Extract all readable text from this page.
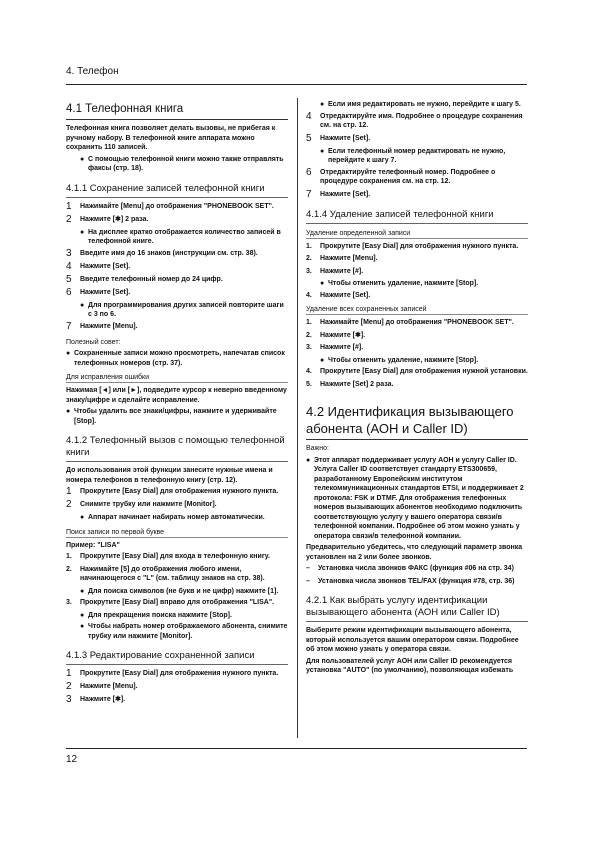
4. Телефон
4.1 Телефонная книга
Телефонная книга позволяет делать вызовы, не прибегая к ручному набору. В телефонной книге аппарата можно сохранить 110 записей.
● С помощью телефонной книги можно также отправлять факсы (стр. 18).
4.1.1 Сохранение записей телефонной книги
1	Нажимайте [Menu] до отображения "PHONEBOOK SET".
2	Нажмите [✱] 2 раза.
● На дисплее кратко отображается количество записей в телефонной книге.
3	Введите имя до 16 знаков (инструкции см. стр. 38).
4	Нажмите [Set].
5	Введите телефонный номер до 24 цифр.
6	Нажмите [Set].
● Для программирования других записей повторите шаги с 3 по 6.
7	Нажмите [Menu].
Полезный совет:
● Сохраненные записи можно просмотреть, напечатав список телефонных номеров (стр. 37).
Для исправления ошибки
Нажимая [◄] или [►], подведите курсор к неверно введенному знаку/цифре и сделайте исправление.
● Чтобы удалить все знаки/цифры, нажмите и удерживайте [Stop].
4.1.2 Телефонный вызов с помощью телефонной книги
До использования этой функции занесите нужные имена и номера телефонов в телефонную книгу (стр. 12).
1	Прокрутите [Easy Dial] для отображения нужного пункта.
2	Снимите трубку или нажмите [Monitor].
● Аппарат начинает набирать номер автоматически.
Поиск записи по первой букве
Пример: "LISA"
1.	Прокрутите [Easy Dial] для входа в телефонную книгу.
2.	Нажимайте [5] до отображения любого имени, начинающегося с "L" (см. таблицу знаков на стр. 38).
● Для поиска символов (не букв и не цифр) нажмите [1].
3.	Прокрутите [Easy Dial] вправо для отображения "LISA".
● Для прекращения поиска нажмите [Stop].
● Чтобы набрать номер отображаемого абонента, снимите трубку или нажмите [Monitor].
4.1.3 Редактирование сохраненной записи
1	Прокрутите [Easy Dial] для отображения нужного пункта.
2	Нажмите [Menu].
3	Нажмите [✱].
● Если имя редактировать не нужно, перейдите к шагу 5.
4	Отредактируйте имя. Подробнее о процедуре сохранения см. на стр. 12.
5	Нажмите [Set].
● Если телефонный номер редактировать не нужно, перейдите к шагу 7.
6	Отредактируйте телефонный номер. Подробнее о процедуре сохранения см. на стр. 12.
7	Нажмите [Set].
4.1.4 Удаление записей телефонной книги
Удаление определенной записи
1.	Прокрутите [Easy Dial] для отображения нужного пункта.
2.	Нажмите [Menu].
3.	Нажмите [#].
● Чтобы отменить удаление, нажмите [Stop].
4.	Нажмите [Set].
Удаление всех сохраненных записей
1.	Нажимайте [Menu] до отображения "PHONEBOOK SET".
2.	Нажмите [✱].
3.	Нажмите [#].
● Чтобы отменить удаление, нажмите [Stop].
4.	Прокрутите [Easy Dial] для отображения нужной установки.
5.	Нажмите [Set] 2 раза.
4.2 Идентификация вызывающего абонента (АОН и Caller ID)
Важно:
● Этот аппарат поддерживает услугу АОН и услугу Caller ID. Услуга Caller ID соответствует стандарту ETS300659, разработанному Европейским институтом телекоммуникационных стандартов ETSI, и поддерживает 2 протокола: FSK и DTMF. Для отображения телефонных номеров вызывающих абонентов необходимо подключить соответствующую услугу у вашего оператора связи/в телефонной компании. Подробнее об этом можно узнать у оператора связи/в телефонной компании.
Предварительно убедитесь, что следующий параметр звонка установлен на 2 или более звонков.
–	Установка числа звонков ФАКС (функция #06 на стр. 34)
–	Установка числа звонков TEL/FAX (функция #78, стр. 36)
4.2.1 Как выбрать услугу идентификации вызывающего абонента (АОН или Caller ID)
Выберите режим идентификации вызывающего абонента, который используется вашим оператором связи. Подробнее об этом можно узнать у оператора связи.
Для пользователей услуг АОН или Caller ID рекомендуется установка "AUTO" (по умолчанию), позволяющая избежать
12
